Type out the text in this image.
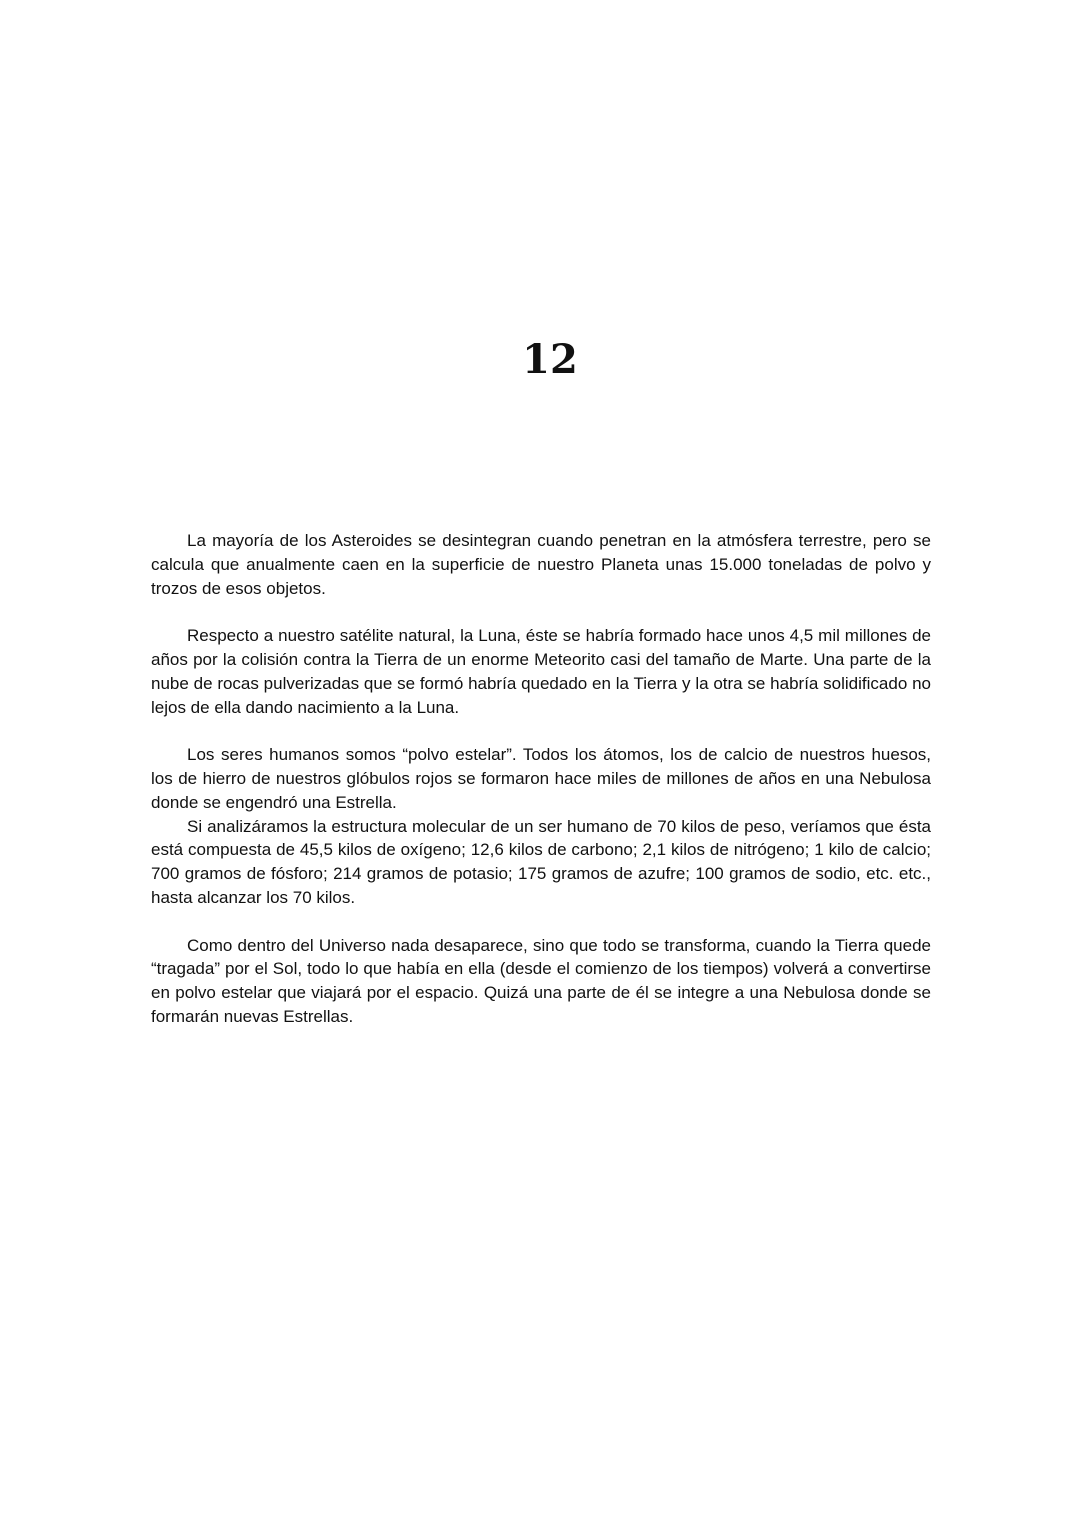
12

La mayoría de los Asteroides se desintegran cuando penetran en la atmósfera terrestre, pero se calcula que anualmente caen en la superficie de nuestro Planeta unas 15.000 toneladas de polvo y trozos de esos objetos.

Respecto a nuestro satélite natural, la Luna, éste se habría formado hace unos 4,5 mil millones de años por la colisión contra la Tierra de un enorme Meteorito casi del tamaño de Marte. Una parte de la nube de rocas pulverizadas que se formó habría quedado en la Tierra y la otra se habría solidificado no lejos de ella dando nacimiento a la Luna.

Los seres humanos somos “polvo estelar”. Todos los átomos, los de calcio de nuestros huesos, los de hierro de nuestros glóbulos rojos se formaron hace miles de millones de años en una Nebulosa donde se engendró una Estrella.

Si analizáramos la estructura molecular de un ser humano de 70 kilos de peso, veríamos que ésta está compuesta de 45,5 kilos de oxígeno; 12,6 kilos de carbono; 2,1 kilos de nitrógeno; 1 kilo de calcio; 700 gramos de fósforo; 214 gramos de potasio; 175 gramos de azufre; 100 gramos de sodio, etc. etc., hasta alcanzar los 70 kilos.

Como dentro del Universo nada desaparece, sino que todo se transforma, cuando la Tierra quede “tragada” por el Sol, todo lo que había en ella (desde el comienzo de los tiempos) volverá a convertirse en polvo estelar que viajará por el espacio. Quizá una parte de él se integre a una Nebulosa donde se formarán nuevas Estrellas.
